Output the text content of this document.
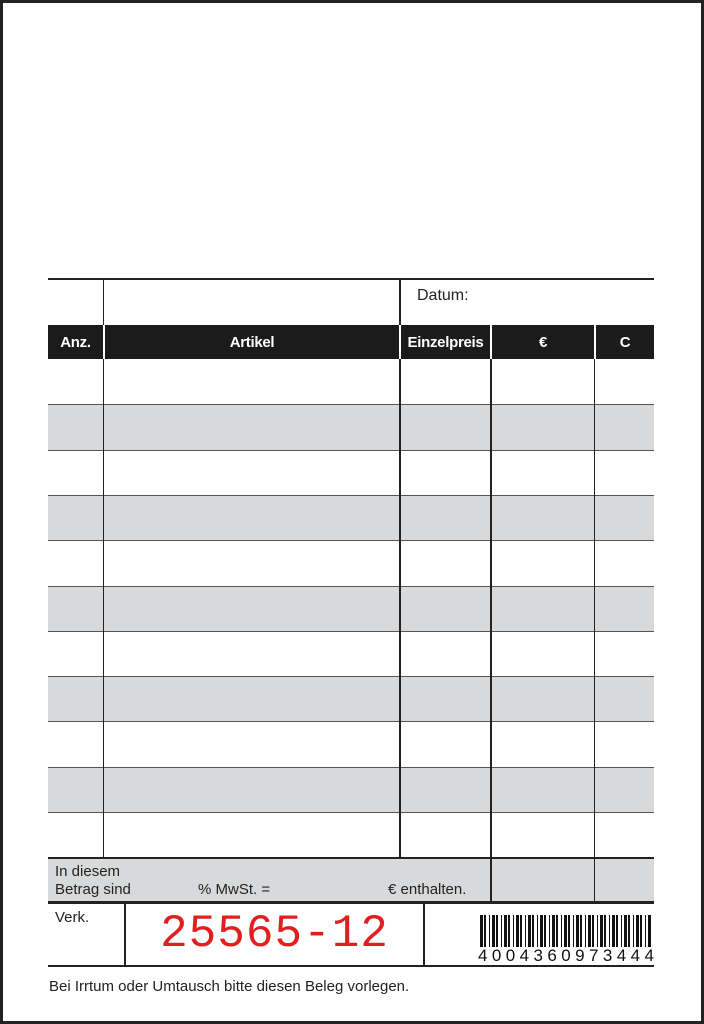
Datum:
Anz.	Artikel	Einzelpreis	€	C
In diesem
Betrag sind	% MwSt. =	€ enthalten.
Verk.	25565-12	4 0 0 4 3 6 0 9 7 3 4 4 4
Bei Irrtum oder Umtausch bitte diesen Beleg vorlegen.
